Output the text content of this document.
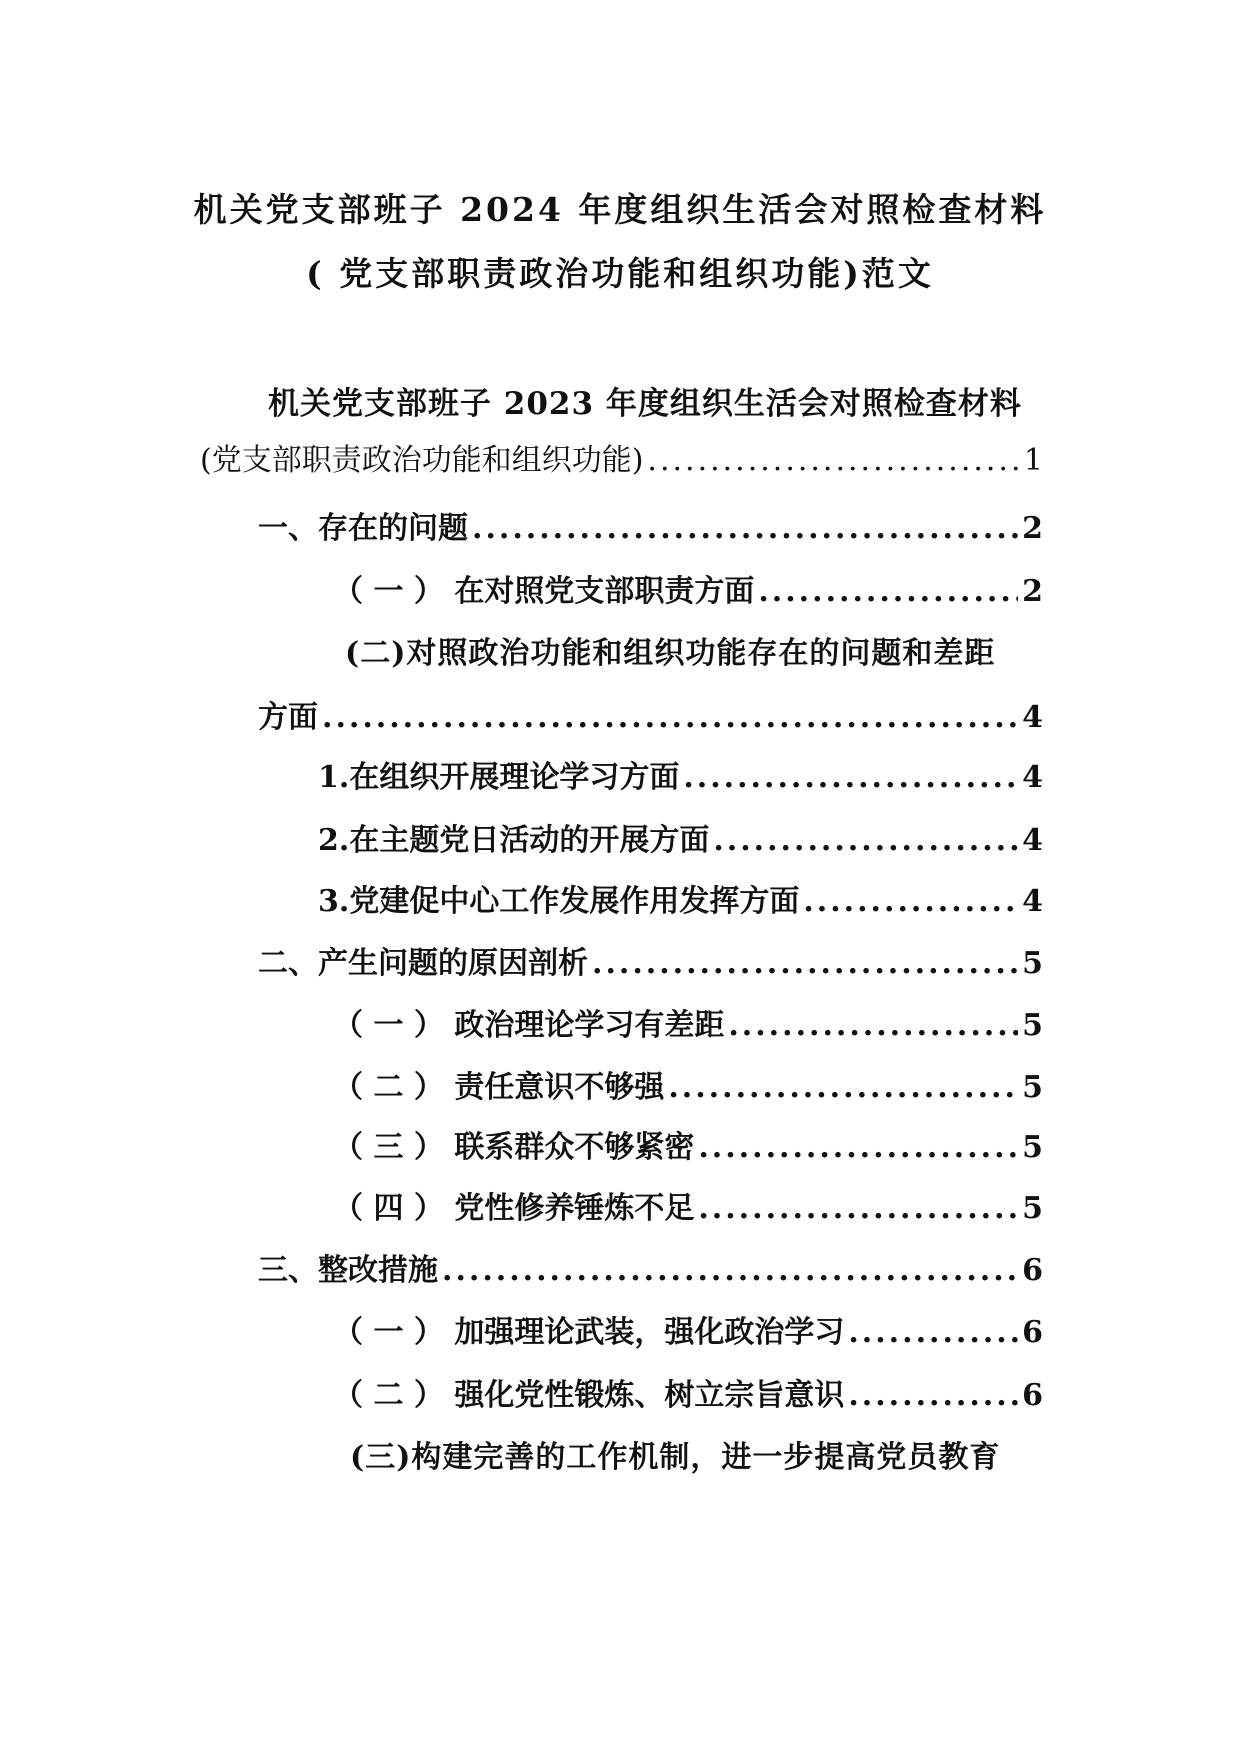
机关党支部班子 2024 年度组织生活会对照检查材料
( 党支部职责政治功能和组织功能)范文
机关党支部班子 2023 年度组织生活会对照检查材料
(党支部职责政治功能和组织功能) .....	1
一、存在的问题 .....	2
（ 一 ） 在对照党支部职责方面 .....	2
(二)对照政治功能和组织功能存在的问题和差距
方面 .....	4
1.在组织开展理论学习方面 .....	4
2.在主题党日活动的开展方面 .....	4
3.党建促中心工作发展作用发挥方面 .....	4
二、产生问题的原因剖析 .....	5
（ 一 ） 政治理论学习有差距 .....	5
（ 二 ） 责任意识不够强 .....	5
（ 三 ） 联系群众不够紧密 .....	5
（ 四 ） 党性修养锤炼不足 .....	5
三、整改措施 .....	6
（ 一 ） 加强理论武装，强化政治学习 .....	6
（ 二 ） 强化党性锻炼、树立宗旨意识 .....	6
(三)构建完善的工作机制，进一步提高党员教育
